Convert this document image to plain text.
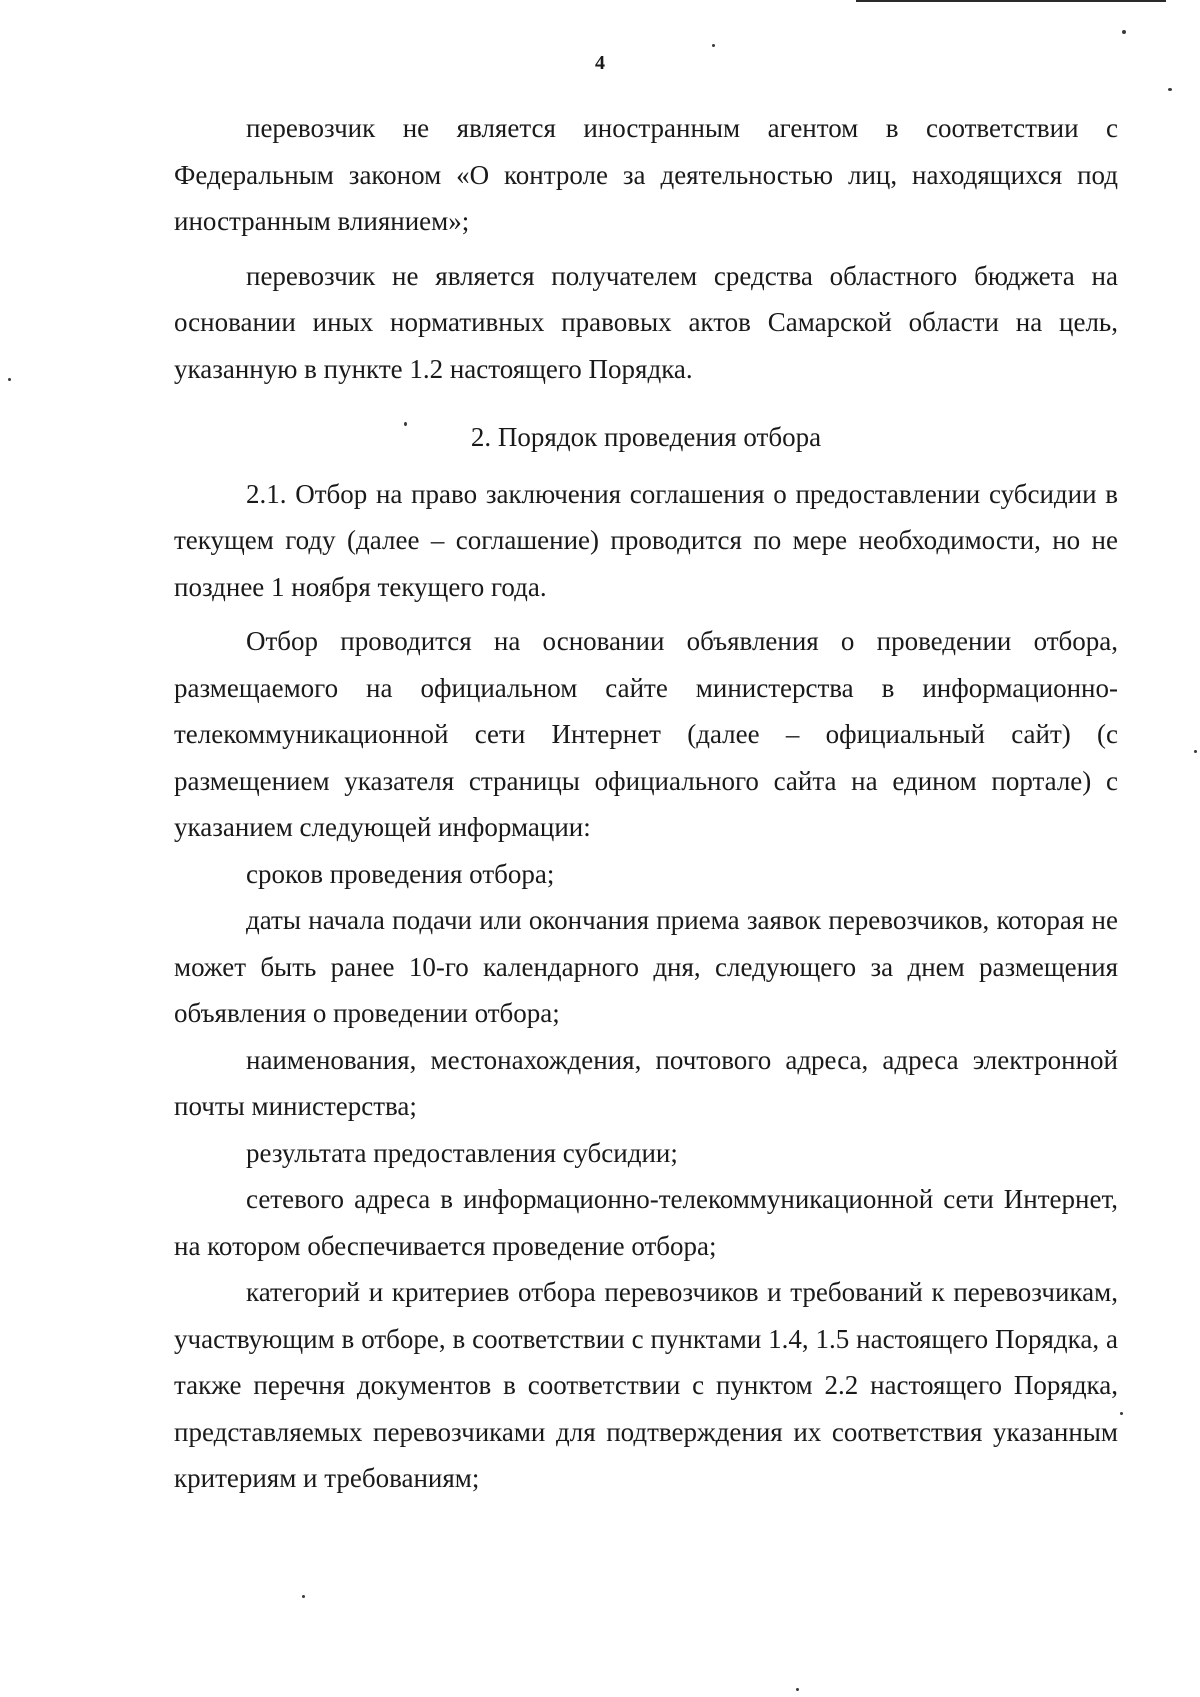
4

перевозчик не является иностранным агентом в соответствии с Федеральным законом «О контроле за деятельностью лиц, находящихся под иностранным влиянием»;

перевозчик не является получателем средства областного бюджета на основании иных нормативных правовых актов Самарской области на цель, указанную в пункте 1.2 настоящего Порядка.

2. Порядок проведения отбора

2.1. Отбор на право заключения соглашения о предоставлении субсидии в текущем году (далее – соглашение) проводится по мере необходимости, но не позднее 1 ноября текущего года.

Отбор проводится на основании объявления о проведении отбора, размещаемого на официальном сайте министерства в информационно-телекоммуникационной сети Интернет (далее – официальный сайт) (с размещением указателя страницы официального сайта на едином портале) с указанием следующей информации:

сроков проведения отбора;

даты начала подачи или окончания приема заявок перевозчиков, которая не может быть ранее 10-го календарного дня, следующего за днем размещения объявления о проведении отбора;

наименования, местонахождения, почтового адреса, адреса электронной почты министерства;

результата предоставления субсидии;

сетевого адреса в информационно-телекоммуникационной сети Интернет, на котором обеспечивается проведение отбора;

категорий и критериев отбора перевозчиков и требований к перевозчикам, участвующим в отборе, в соответствии с пунктами 1.4, 1.5 настоящего Порядка, а также перечня документов в соответствии с пунктом 2.2 настоящего Порядка, представляемых перевозчиками для подтверждения их соответствия указанным критериям и требованиям;
